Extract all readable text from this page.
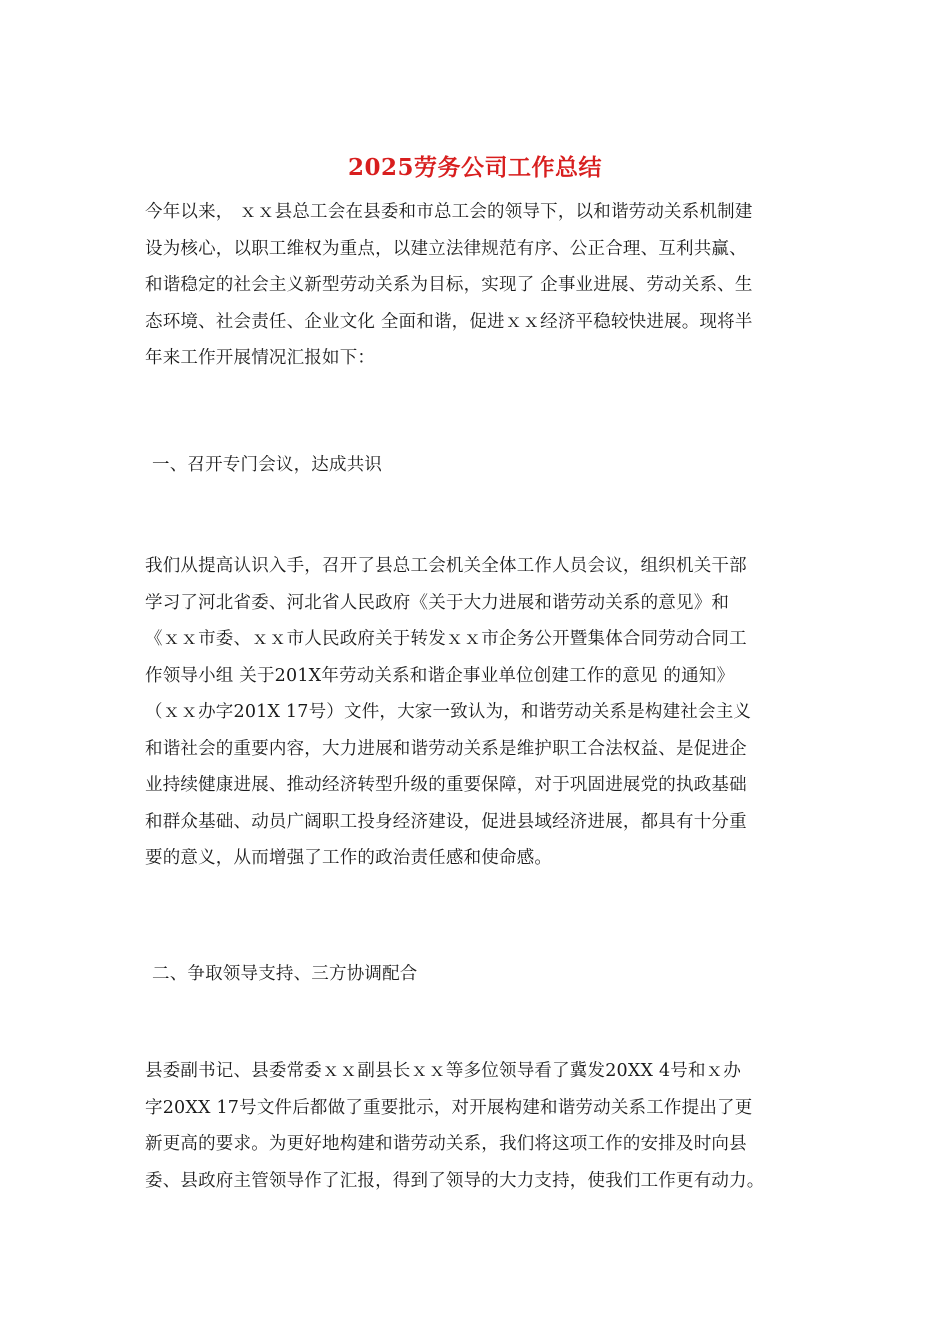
2025劳务公司工作总结
今年以来， ｘｘ县总工会在县委和市总工会的领导下，以和谐劳动关系机制建
设为核心，以职工维权为重点，以建立法律规范有序、公正合理、互利共赢、
和谐稳定的社会主义新型劳动关系为目标，实现了 企事业进展、劳动关系、生
态环境、社会责任、企业文化 全面和谐，促进ｘｘ经济平稳较快进展。现将半
年来工作开展情况汇报如下：
一、召开专门会议，达成共识
我们从提高认识入手，召开了县总工会机关全体工作人员会议，组织机关干部
学习了河北省委、河北省人民政府《关于大力进展和谐劳动关系的意见》和
《ｘｘ市委、ｘｘ市人民政府关于转发ｘｘ市企务公开暨集体合同劳动合同工
作领导小组 关于201X年劳动关系和谐企事业单位创建工作的意见 的通知》
（ｘｘ办字201X 17号）文件，大家一致认为，和谐劳动关系是构建社会主义
和谐社会的重要内容，大力进展和谐劳动关系是维护职工合法权益、是促进企
业持续健康进展、推动经济转型升级的重要保障，对于巩固进展党的执政基础
和群众基础、动员广阔职工投身经济建设，促进县域经济进展，都具有十分重
要的意义，从而增强了工作的政治责任感和使命感。
二、争取领导支持、三方协调配合
县委副书记、县委常委ｘｘ副县长ｘｘ等多位领导看了冀发20XX 4号和ｘ办
字20XX 17号文件后都做了重要批示，对开展构建和谐劳动关系工作提出了更
新更高的要求。为更好地构建和谐劳动关系，我们将这项工作的安排及时向县
委、县政府主管领导作了汇报，得到了领导的大力支持，使我们工作更有动力。
